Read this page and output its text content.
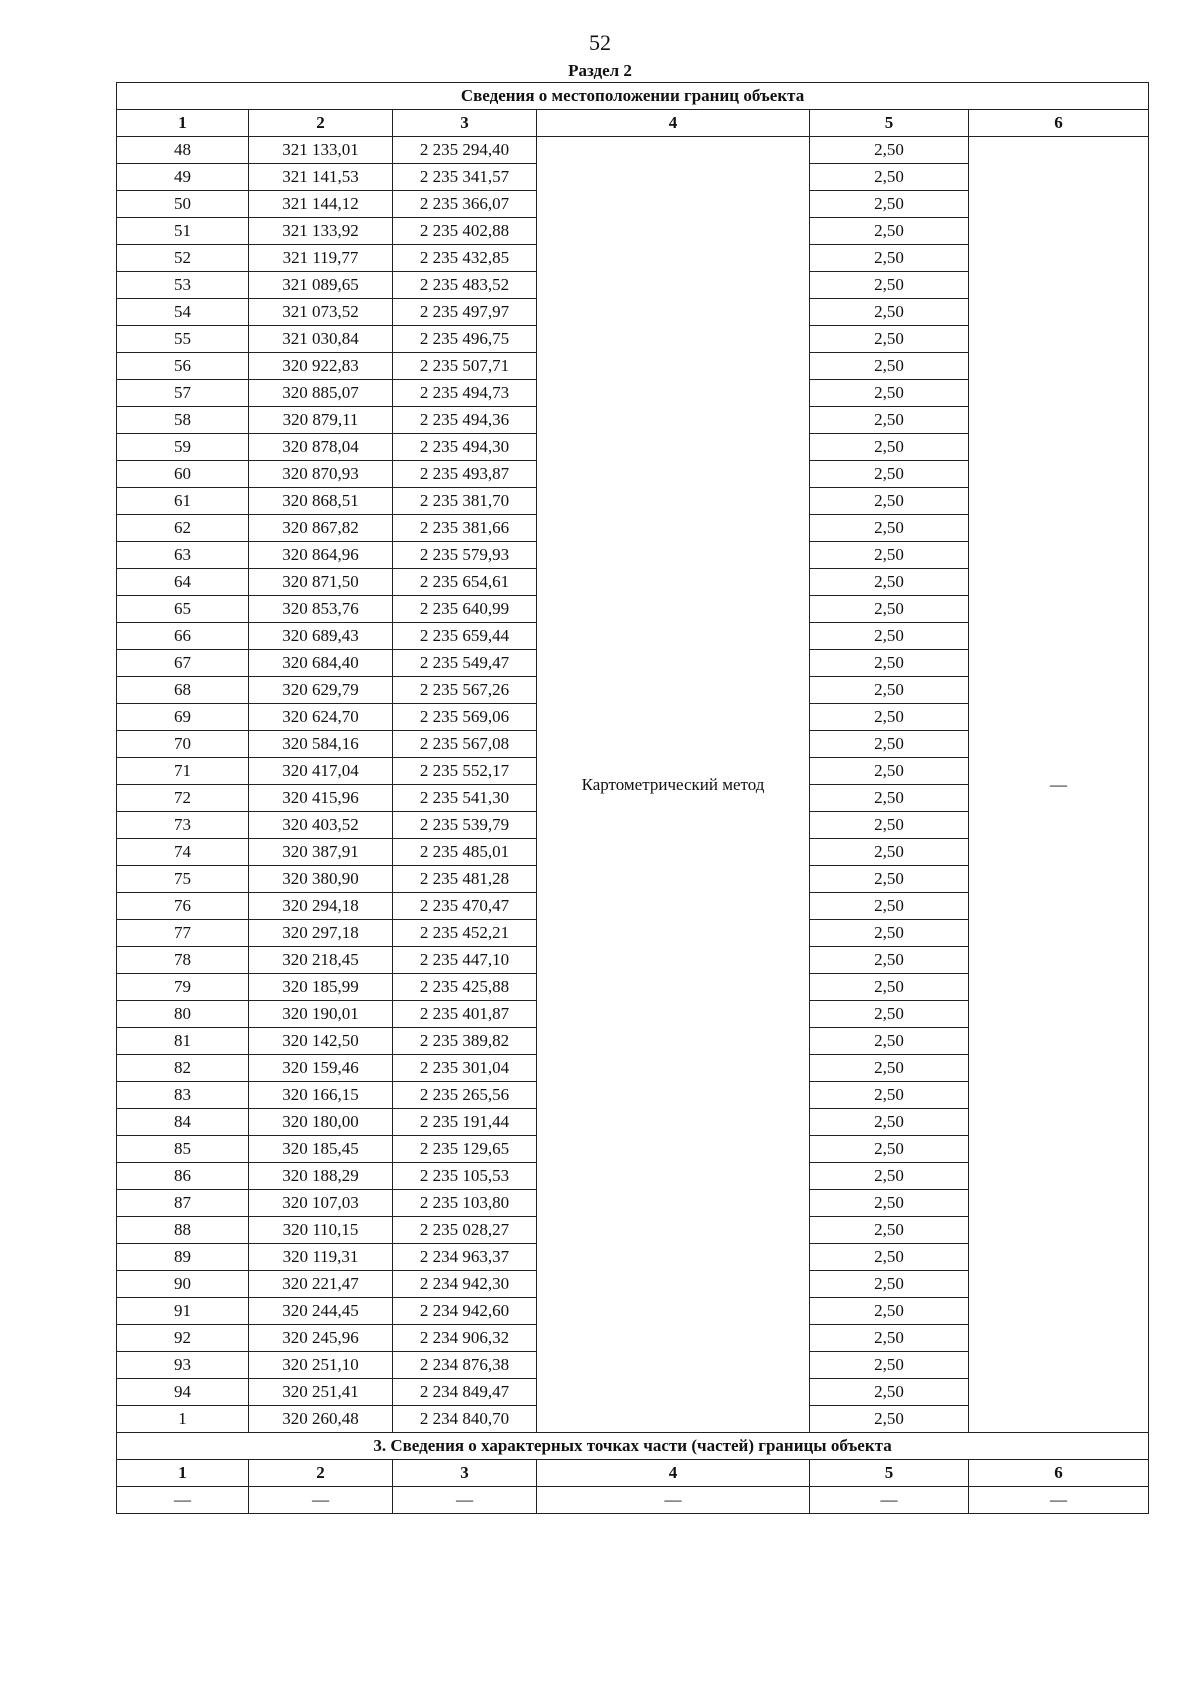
52
Раздел 2
Сведения о местоположении границ объекта					
1	2	3	4	5	6
48	321 133,01	2 235 294,40	Картометрический метод	2,50	—
49	321 141,53	2 235 341,57		2,50	
50	321 144,12	2 235 366,07		2,50	
51	321 133,92	2 235 402,88		2,50	
52	321 119,77	2 235 432,85		2,50	
53	321 089,65	2 235 483,52		2,50	
54	321 073,52	2 235 497,97		2,50	
55	321 030,84	2 235 496,75		2,50	
56	320 922,83	2 235 507,71		2,50	
57	320 885,07	2 235 494,73		2,50	
58	320 879,11	2 235 494,36		2,50	
59	320 878,04	2 235 494,30		2,50	
60	320 870,93	2 235 493,87		2,50	
61	320 868,51	2 235 381,70		2,50	
62	320 867,82	2 235 381,66		2,50	
63	320 864,96	2 235 579,93		2,50	
64	320 871,50	2 235 654,61		2,50	
65	320 853,76	2 235 640,99		2,50	
66	320 689,43	2 235 659,44		2,50	
67	320 684,40	2 235 549,47		2,50	
68	320 629,79	2 235 567,26		2,50	
69	320 624,70	2 235 569,06		2,50	
70	320 584,16	2 235 567,08		2,50	
71	320 417,04	2 235 552,17		2,50	
72	320 415,96	2 235 541,30		2,50	
73	320 403,52	2 235 539,79		2,50	
74	320 387,91	2 235 485,01		2,50	
75	320 380,90	2 235 481,28		2,50	
76	320 294,18	2 235 470,47		2,50	
77	320 297,18	2 235 452,21		2,50	
78	320 218,45	2 235 447,10		2,50	
79	320 185,99	2 235 425,88		2,50	
80	320 190,01	2 235 401,87		2,50	
81	320 142,50	2 235 389,82		2,50	
82	320 159,46	2 235 301,04		2,50	
83	320 166,15	2 235 265,56		2,50	
84	320 180,00	2 235 191,44		2,50	
85	320 185,45	2 235 129,65		2,50	
86	320 188,29	2 235 105,53		2,50	
87	320 107,03	2 235 103,80		2,50	
88	320 110,15	2 235 028,27		2,50	
89	320 119,31	2 234 963,37		2,50	
90	320 221,47	2 234 942,30		2,50	
91	320 244,45	2 234 942,60		2,50	
92	320 245,96	2 234 906,32		2,50	
93	320 251,10	2 234 876,38		2,50	
94	320 251,41	2 234 849,47		2,50	
1	320 260,48	2 234 840,70		2,50	
3. Сведения о характерных точках части (частей) границы объекта					
1	2	3	4	5	6
—	—	—	—	—	—
